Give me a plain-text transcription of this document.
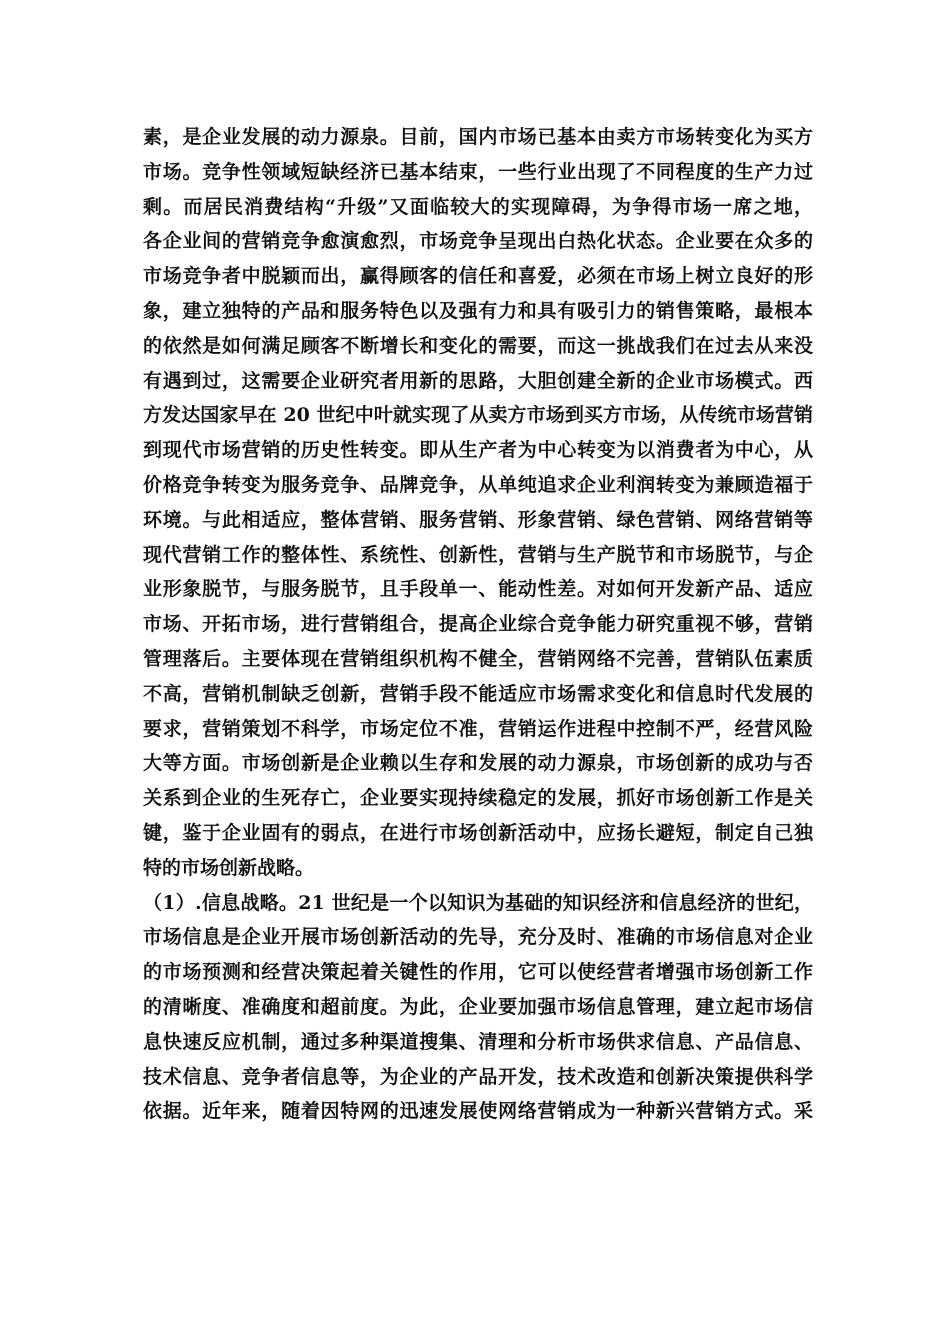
素，是企业发展的动力源泉。目前，国内市场已基本由卖方市场转变化为买方
市场。竞争性领域短缺经济已基本结束，一些行业出现了不同程度的生产力过
剩。而居民消费结构“升级”又面临较大的实现障碍，为争得市场一席之地，
各企业间的营销竞争愈演愈烈，市场竞争呈现出白热化状态。企业要在众多的
市场竞争者中脱颖而出，赢得顾客的信任和喜爱，必须在市场上树立良好的形
象，建立独特的产品和服务特色以及强有力和具有吸引力的销售策略，最根本
的依然是如何满足顾客不断增长和变化的需要，而这一挑战我们在过去从来没
有遇到过，这需要企业研究者用新的思路，大胆创建全新的企业市场模式。西
方发达国家早在 20 世纪中叶就实现了从卖方市场到买方市场，从传统市场营销
到现代市场营销的历史性转变。即从生产者为中心转变为以消费者为中心，从
价格竞争转变为服务竞争、品牌竞争，从单纯追求企业利润转变为兼顾造福于
环境。与此相适应，整体营销、服务营销、形象营销、绿色营销、网络营销等
现代营销工作的整体性、系统性、创新性，营销与生产脱节和市场脱节，与企
业形象脱节，与服务脱节，且手段单一、能动性差。对如何开发新产品、适应
市场、开拓市场，进行营销组合，提高企业综合竞争能力研究重视不够，营销
管理落后。主要体现在营销组织机构不健全，营销网络不完善，营销队伍素质
不高，营销机制缺乏创新，营销手段不能适应市场需求变化和信息时代发展的
要求，营销策划不科学，市场定位不准，营销运作进程中控制不严，经营风险
大等方面。市场创新是企业赖以生存和发展的动力源泉，市场创新的成功与否
关系到企业的生死存亡，企业要实现持续稳定的发展，抓好市场创新工作是关
键，鉴于企业固有的弱点，在进行市场创新活动中，应扬长避短，制定自己独
特的市场创新战略。
（1）.信息战略。21 世纪是一个以知识为基础的知识经济和信息经济的世纪，
市场信息是企业开展市场创新活动的先导，充分及时、准确的市场信息对企业
的市场预测和经营决策起着关键性的作用，它可以使经营者增强市场创新工作
的清晰度、准确度和超前度。为此，企业要加强市场信息管理，建立起市场信
息快速反应机制，通过多种渠道搜集、清理和分析市场供求信息、产品信息、
技术信息、竞争者信息等，为企业的产品开发，技术改造和创新决策提供科学
依据。近年来，随着因特网的迅速发展使网络营销成为一种新兴营销方式。采
